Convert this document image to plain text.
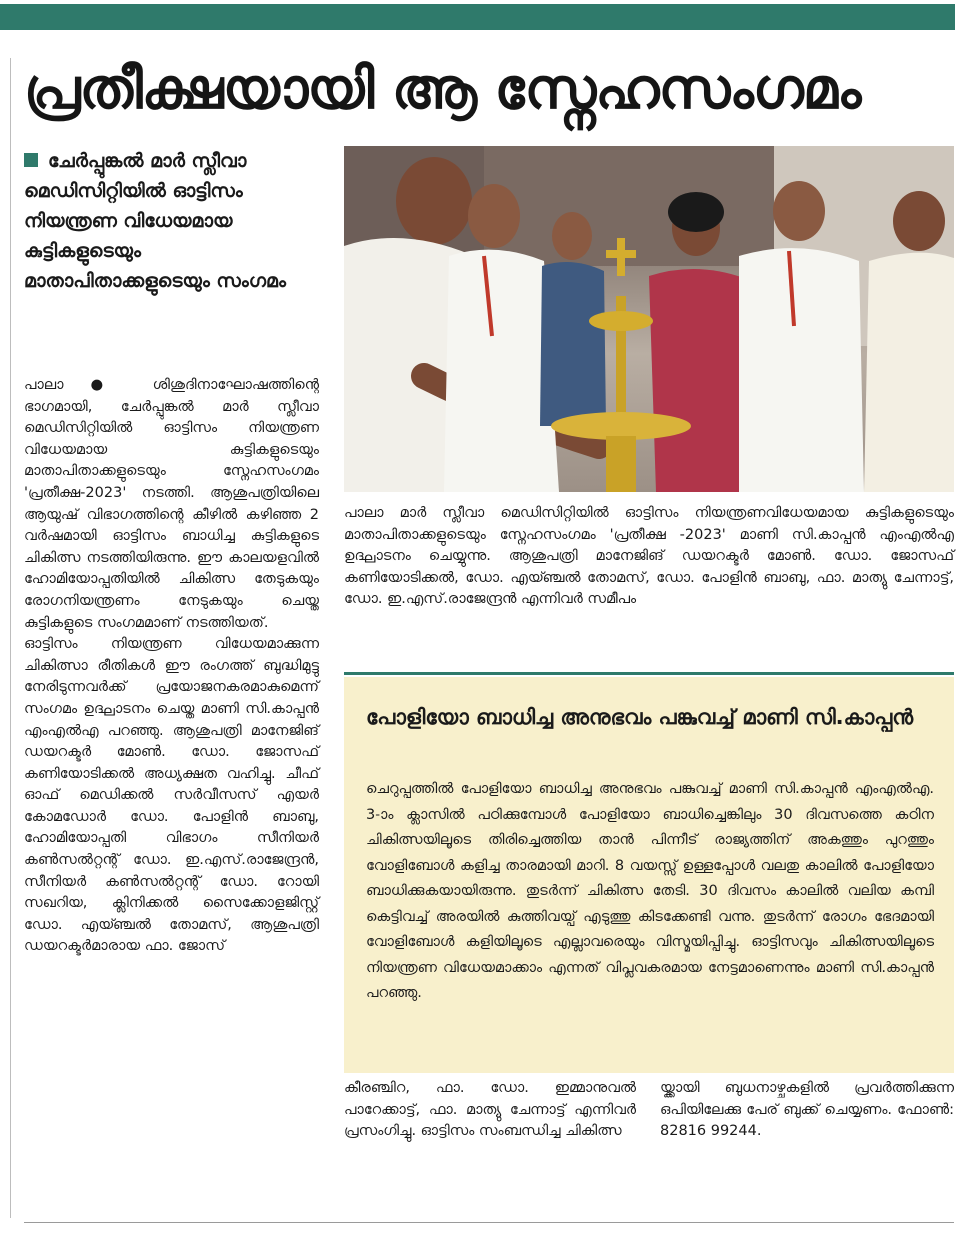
പ്രതീക്ഷയായി ആ സ്നേഹസംഗമം
ചേർപ്പുങ്കൽ മാർ സ്ലീവാ മെഡിസിറ്റിയിൽ ഓട്ടിസം നിയന്ത്രണ വിധേയമായ കുട്ടികളുടെയും മാതാപിതാക്കളുടെയും സംഗമം
പാലാ ● ശിശുദിനാഘോഷത്തിന്റെ ഭാഗമായി, ചേർപ്പുങ്കൽ മാർ സ്ലീവാ മെഡിസിറ്റിയിൽ ഓട്ടിസം നിയന്ത്രണ വിധേയമായ കുട്ടികളുടെയും മാതാപിതാക്കളുടെയും സ്നേഹസംഗമം 'പ്രതീക്ഷ-2023' നടത്തി. ആശുപത്രിയിലെ ആയുഷ് വിഭാഗത്തിന്റെ കീഴിൽ കഴിഞ്ഞ 2 വർഷമായി ഓട്ടിസം ബാധിച്ച കുട്ടികളുടെ ചികിത്സ നടത്തിയിരുന്നു. ഈ കാലയളവിൽ ഹോമിയോപ്പതിയിൽ ചികിത്സ തേടുകയും രോഗനിയന്ത്രണം നേടുകയും ചെയ്ത കുട്ടികളുടെ സംഗമമാണ് നടത്തിയത്.
ഓട്ടിസം നിയന്ത്രണ വിധേയമാക്കുന്ന ചികിത്സാ രീതികൾ ഈ രംഗത്ത് ബുദ്ധിമുട്ടു നേരിടുന്നവർക്ക് പ്രയോജനകരമാകുമെന്ന് സംഗമം ഉദ്ഘാടനം ചെയ്ത മാണി സി.കാപ്പൻ എംഎൽഎ പറഞ്ഞു. ആശുപത്രി മാനേജിങ് ഡയറക്ടർ മോൺ. ഡോ. ജോസഫ് കണിയോടിക്കൽ അധ്യക്ഷത വഹിച്ചു. ചീഫ് ഓഫ് മെഡിക്കൽ സർവീസസ് എയർ കോമഡോർ ഡോ. പോളിൻ ബാബു, ഹോമിയോപ്പതി വിഭാഗം സീനിയർ കൺസൽറ്റന്റ് ഡോ. ഇ.എസ്.രാജേന്ദ്രൻ, സീനിയർ കൺസൽറ്റന്റ് ഡോ. റോയി സഖറിയ, ക്ലിനിക്കൽ സൈക്കോളജിസ്റ്റ് ഡോ. എയ്ഞ്ചൽ തോമസ്, ആശുപത്രി ഡയറക്ടർമാരായ ഫാ. ജോസ്
പാലാ മാർ സ്ലീവാ മെഡിസിറ്റിയിൽ ഓട്ടിസം നിയന്ത്രണവിധേയമായ കുട്ടികളുടെയും മാതാപിതാക്കളുടെയും സ്നേഹസംഗമം 'പ്രതീക്ഷ -2023' മാണി സി.കാപ്പൻ എംഎൽഎ ഉദ്ഘാടനം ചെയ്യുന്നു. ആശുപത്രി മാനേജിങ് ഡയറക്ടർ മോൺ. ഡോ. ജോസഫ് കണിയോടിക്കൽ, ഡോ. എയ്ഞ്ചൽ തോമസ്, ഡോ. പോളിൻ ബാബു, ഫാ. മാത്യു ചേന്നാട്ട്, ഡോ. ഇ.എസ്.രാജേന്ദ്രൻ എന്നിവർ സമീപം
പോളിയോ ബാധിച്ച അനുഭവം പങ്കുവച്ച് മാണി സി.കാപ്പൻ

ചെറുപ്പത്തിൽ പോളിയോ ബാധിച്ച അനുഭവം പങ്കുവച്ച് മാണി സി.കാപ്പൻ എംഎൽഎ. 3-ാം ക്ലാസിൽ പഠിക്കുമ്പോൾ പോളിയോ ബാധിച്ചെങ്കിലും 30 ദിവസത്തെ കഠിന ചികിത്സയിലൂടെ തിരിച്ചെത്തിയ താൻ പിന്നീട് രാജ്യത്തിന് അകത്തും പുറത്തും വോളിബോൾ കളിച്ച താരമായി മാറി. 8 വയസ്സ് ഉള്ളപ്പോൾ വലതു കാലിൽ പോളിയോ ബാധിക്കുകയായിരുന്നു. തുടർന്ന് ചികിത്സ തേടി. 30 ദിവസം കാലിൽ വലിയ കമ്പി കെട്ടിവച്ച് അരയിൽ കുത്തിവയ്പ് എടുത്തു കിടക്കേണ്ടി വന്നു. തുടർന്ന് രോഗം ഭേദമായി വോളിബോൾ കളിയിലൂടെ എല്ലാവരെയും വിസ്മയിപ്പിച്ചു. ഓട്ടിസവും ചികിത്സയിലൂടെ നിയന്ത്രണ വിധേയമാക്കാം എന്നത് വിപ്ലവകരമായ നേട്ടമാണെന്നും മാണി സി.കാപ്പൻ പറഞ്ഞു.

കീരഞ്ചിറ, ഫാ. ഡോ. ഇമ്മാനുവൽ പാറേക്കാട്ട്, ഫാ. മാത്യു ചേന്നാട്ട് എന്നിവർ പ്രസംഗിച്ചു. ഓട്ടിസം സംബന്ധിച്ച ചികിത്സ
യ്ക്കായി ബുധനാഴ്ചകളിൽ പ്രവർത്തിക്കുന്ന ഒപിയിലേക്കു പേര് ബുക്ക് ചെയ്യണം. ഫോൺ: 82816 99244.
